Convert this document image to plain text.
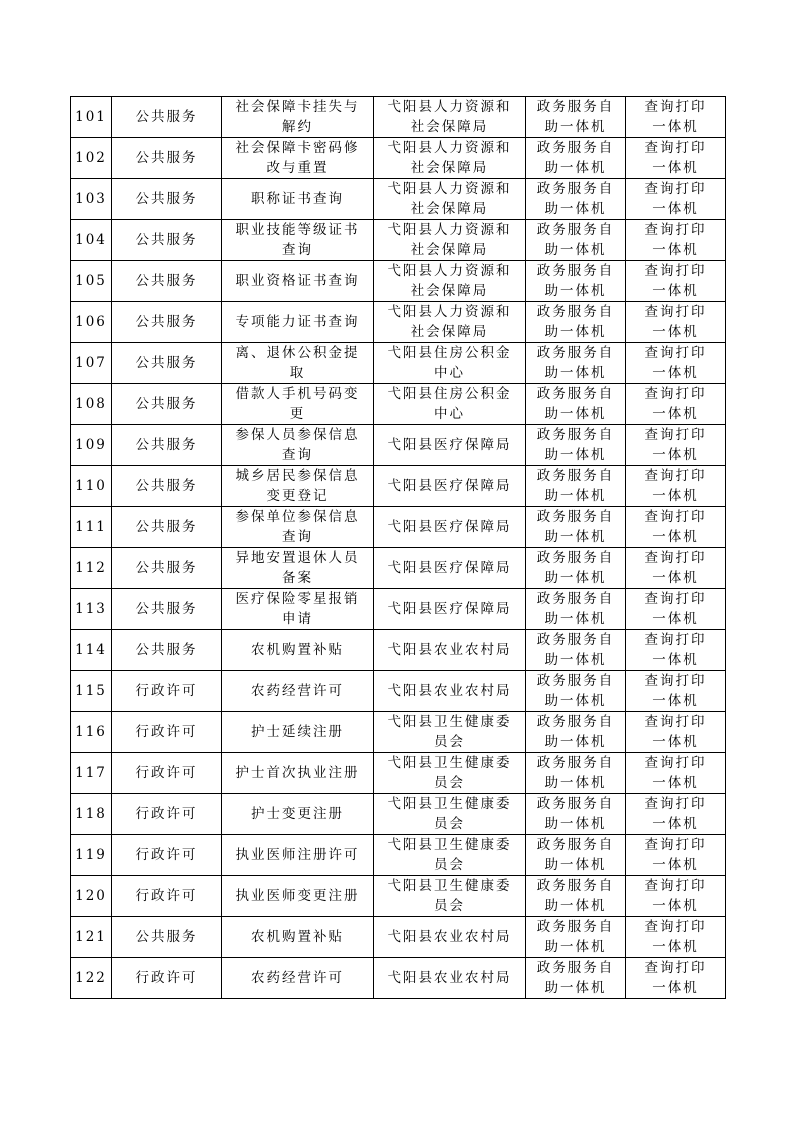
101	公共服务	社会保障卡挂失与解约	弋阳县人力资源和社会保障局	政务服务自助一体机	查询打印一体机

102	公共服务	社会保障卡密码修改与重置	弋阳县人力资源和社会保障局	政务服务自助一体机	查询打印一体机

103	公共服务	职称证书查询	弋阳县人力资源和社会保障局	政务服务自助一体机	查询打印一体机

104	公共服务	职业技能等级证书查询	弋阳县人力资源和社会保障局	政务服务自助一体机	查询打印一体机

105	公共服务	职业资格证书查询	弋阳县人力资源和社会保障局	政务服务自助一体机	查询打印一体机

106	公共服务	专项能力证书查询	弋阳县人力资源和社会保障局	政务服务自助一体机	查询打印一体机

107	公共服务	离、退休公积金提取	弋阳县住房公积金中心	政务服务自助一体机	查询打印一体机

108	公共服务	借款人手机号码变更	弋阳县住房公积金中心	政务服务自助一体机	查询打印一体机

109	公共服务	参保人员参保信息查询	弋阳县医疗保障局	政务服务自助一体机	查询打印一体机

110	公共服务	城乡居民参保信息变更登记	弋阳县医疗保障局	政务服务自助一体机	查询打印一体机

111	公共服务	参保单位参保信息查询	弋阳县医疗保障局	政务服务自助一体机	查询打印一体机

112	公共服务	异地安置退休人员备案	弋阳县医疗保障局	政务服务自助一体机	查询打印一体机

113	公共服务	医疗保险零星报销申请	弋阳县医疗保障局	政务服务自助一体机	查询打印一体机

114	公共服务	农机购置补贴	弋阳县农业农村局	政务服务自助一体机	查询打印一体机

115	行政许可	农药经营许可	弋阳县农业农村局	政务服务自助一体机	查询打印一体机

116	行政许可	护士延续注册	弋阳县卫生健康委员会	政务服务自助一体机	查询打印一体机

117	行政许可	护士首次执业注册	弋阳县卫生健康委员会	政务服务自助一体机	查询打印一体机

118	行政许可	护士变更注册	弋阳县卫生健康委员会	政务服务自助一体机	查询打印一体机

119	行政许可	执业医师注册许可	弋阳县卫生健康委员会	政务服务自助一体机	查询打印一体机

120	行政许可	执业医师变更注册	弋阳县卫生健康委员会	政务服务自助一体机	查询打印一体机

121	公共服务	农机购置补贴	弋阳县农业农村局	政务服务自助一体机	查询打印一体机

122	行政许可	农药经营许可	弋阳县农业农村局	政务服务自助一体机	查询打印一体机
